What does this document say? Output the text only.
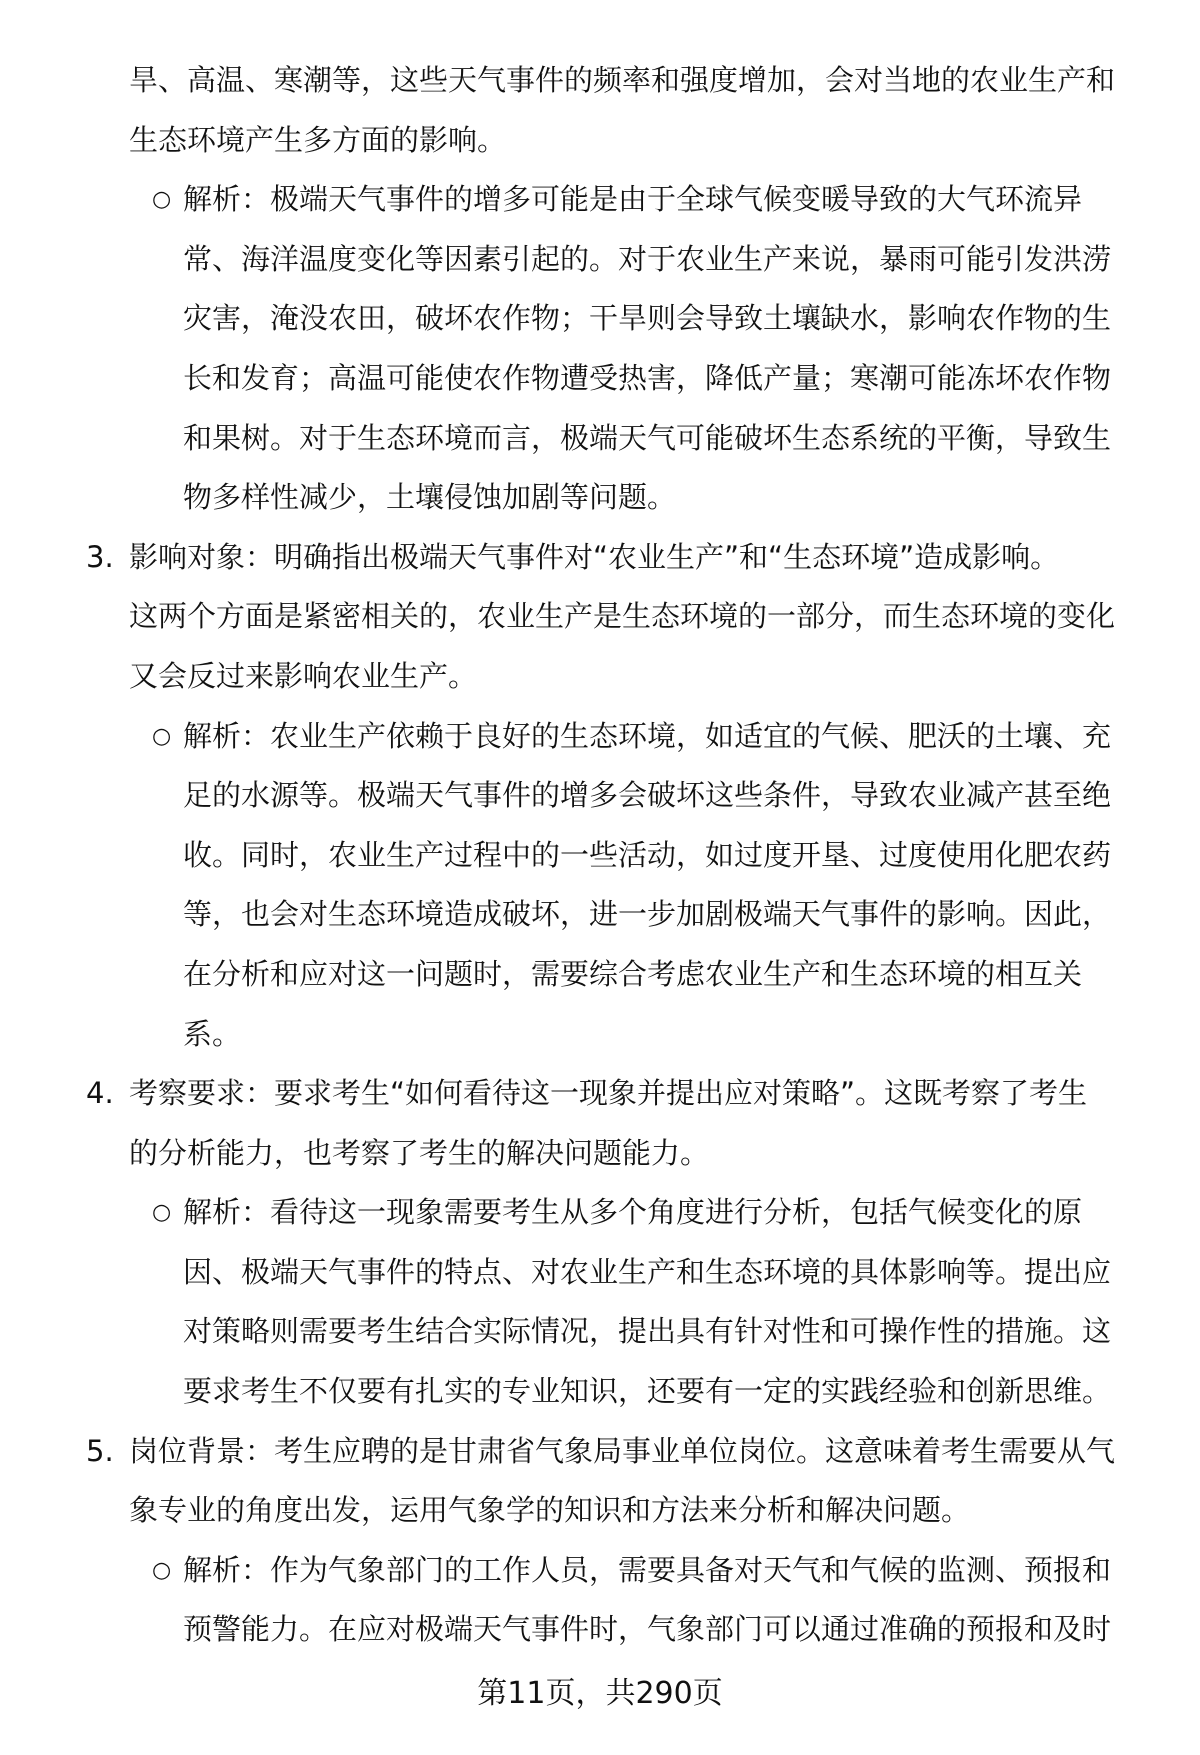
旱、高温、寒潮等，这些天气事件的频率和强度增加，会对当地的农业生产和
生态环境产生多方面的影响。
○ 解析：极端天气事件的增多可能是由于全球气候变暖导致的大气环流异
常、海洋温度变化等因素引起的。对于农业生产来说，暴雨可能引发洪涝
灾害，淹没农田，破坏农作物；干旱则会导致土壤缺水，影响农作物的生
长和发育；高温可能使农作物遭受热害，降低产量；寒潮可能冻坏农作物
和果树。对于生态环境而言，极端天气可能破坏生态系统的平衡，导致生
物多样性减少，土壤侵蚀加剧等问题。
3. 影响对象：明确指出极端天气事件对“农业生产”和“生态环境”造成影响。
这两个方面是紧密相关的，农业生产是生态环境的一部分，而生态环境的变化
又会反过来影响农业生产。
○ 解析：农业生产依赖于良好的生态环境，如适宜的气候、肥沃的土壤、充
足的水源等。极端天气事件的增多会破坏这些条件，导致农业减产甚至绝
收。同时，农业生产过程中的一些活动，如过度开垦、过度使用化肥农药
等，也会对生态环境造成破坏，进一步加剧极端天气事件的影响。因此，
在分析和应对这一问题时，需要综合考虑农业生产和生态环境的相互关
系。
4. 考察要求：要求考生“如何看待这一现象并提出应对策略”。这既考察了考生
的分析能力，也考察了考生的解决问题能力。
○ 解析：看待这一现象需要考生从多个角度进行分析，包括气候变化的原
因、极端天气事件的特点、对农业生产和生态环境的具体影响等。提出应
对策略则需要考生结合实际情况，提出具有针对性和可操作性的措施。这
要求考生不仅要有扎实的专业知识，还要有一定的实践经验和创新思维。
5. 岗位背景：考生应聘的是甘肃省气象局事业单位岗位。这意味着考生需要从气
象专业的角度出发，运用气象学的知识和方法来分析和解决问题。
○ 解析：作为气象部门的工作人员，需要具备对天气和气候的监测、预报和
预警能力。在应对极端天气事件时，气象部门可以通过准确的预报和及时
第11页，共290页
